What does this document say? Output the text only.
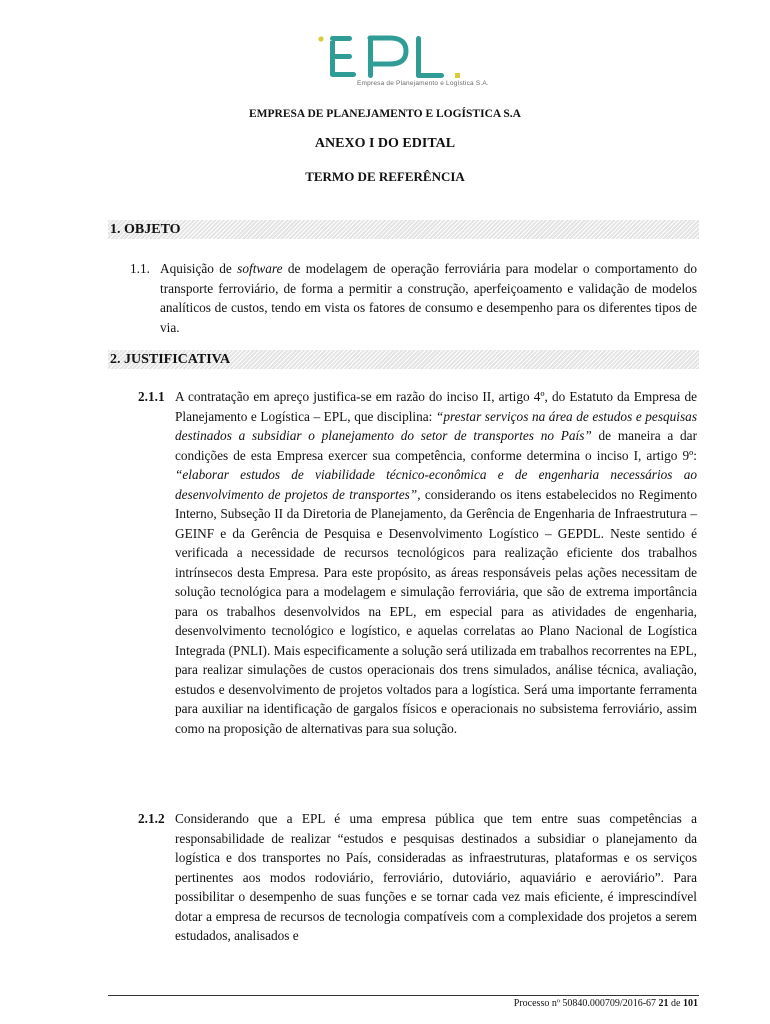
Empresa de Planejamento e Logística S.A.
EMPRESA DE PLANEJAMENTO E LOGÍSTICA S.A
ANEXO I DO EDITAL
TERMO DE REFERÊNCIA
1. OBJETO
1.1. Aquisição de software de modelagem de operação ferroviária para modelar o comportamento do transporte ferroviário, de forma a permitir a construção, aperfeiçoamento e validação de modelos analíticos de custos, tendo em vista os fatores de consumo e desempenho para os diferentes tipos de via.
2. JUSTIFICATIVA
2.1.1 A contratação em apreço justifica-se em razão do inciso II, artigo 4º, do Estatuto da Empresa de Planejamento e Logística – EPL, que disciplina: “prestar serviços na área de estudos e pesquisas destinados a subsidiar o planejamento do setor de transportes no País” de maneira a dar condições de esta Empresa exercer sua competência, conforme determina o inciso I, artigo 9º: “elaborar estudos de viabilidade técnico-econômica e de engenharia necessários ao desenvolvimento de projetos de transportes”, considerando os itens estabelecidos no Regimento Interno, Subseção II da Diretoria de Planejamento, da Gerência de Engenharia de Infraestrutura – GEINF e da Gerência de Pesquisa e Desenvolvimento Logístico – GEPDL. Neste sentido é verificada a necessidade de recursos tecnológicos para realização eficiente dos trabalhos intrínsecos desta Empresa. Para este propósito, as áreas responsáveis pelas ações necessitam de solução tecnológica para a modelagem e simulação ferroviária, que são de extrema importância para os trabalhos desenvolvidos na EPL, em especial para as atividades de engenharia, desenvolvimento tecnológico e logístico, e aquelas correlatas ao Plano Nacional de Logística Integrada (PNLI). Mais especificamente a solução será utilizada em trabalhos recorrentes na EPL, para realizar simulações de custos operacionais dos trens simulados, análise técnica, avaliação, estudos e desenvolvimento de projetos voltados para a logística. Será uma importante ferramenta para auxiliar na identificação de gargalos físicos e operacionais no subsistema ferroviário, assim como na proposição de alternativas para sua solução.
2.1.2 Considerando que a EPL é uma empresa pública que tem entre suas competências a responsabilidade de realizar “estudos e pesquisas destinados a subsidiar o planejamento da logística e dos transportes no País, consideradas as infraestruturas, plataformas e os serviços pertinentes aos modos rodoviário, ferroviário, dutoviário, aquaviário e aeroviário”. Para possibilitar o desempenho de suas funções e se tornar cada vez mais eficiente, é imprescindível dotar a empresa de recursos de tecnologia compatíveis com a complexidade dos projetos a serem estudados, analisados e
Processo nº 50840.000709/2016-67 21 de 101
